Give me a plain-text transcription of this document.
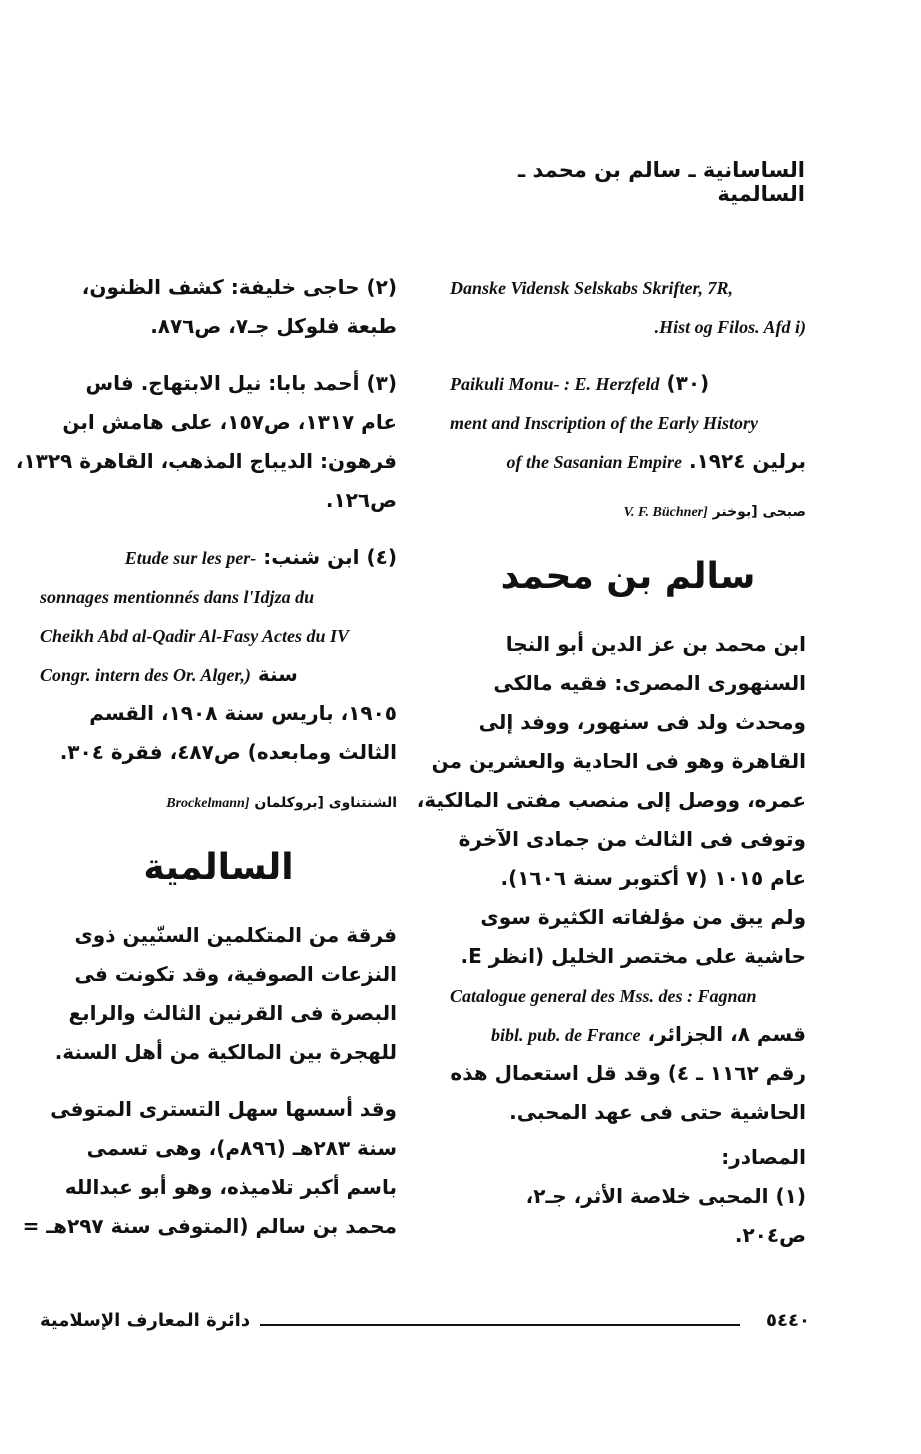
الساسانية ـ سالم بن محمد ـ السالمية
Danske Vidensk Selskabs Skrifter, 7R,
.Hist og Filos. Afd i)
Paikuli Monu- : E. Herzfeld (٣٠)
ment and Inscription of the Early History
of the Sasanian Empire برلين ١٩٢٤.
صبحى [بوخنر V. F. Büchner]
سالم بن محمد
ابن محمد بن عز الدين أبو النجا
السنهورى المصرى: فقيه مالكى
ومحدث ولد فى سنهور، ووفد إلى
القاهرة وهو فى الحادية والعشرين من
عمره، ووصل إلى منصب مفتى المالكية،
وتوفى فى الثالث من جمادى الآخرة
عام ١٠١٥ (٧ أكتوبر سنة ١٦٠٦).
ولم يبق من مؤلفاته الكثيرة سوى
حاشية على مختصر الخليل (انظر E.
Catalogue general des Mss. des : Fagnan
قسم ٨، الجزائر، bibl. pub. de France
رقم ١١٦٢ ـ ٤) وقد قل استعمال هذه
الحاشية حتى فى عهد المحبى.
المصادر:
(١) المحبى خلاصة الأثر، جـ٢،
ص٢٠٤.
(٢) حاجى خليفة: كشف الظنون،
طبعة فلوكل جـ٧، ص٨٧٦.
(٣) أحمد بابا: نيل الابتهاج. فاس
عام ١٣١٧، ص١٥٧، على هامش ابن
فرهون: الديباج المذهب، القاهرة ١٣٢٩،
ص١٢٦.
(٤) ابن شنب: Etude sur les per-
sonnages mentionnés dans l'Idjza du
Cheikh Abd al-Qadir Al-Fasy Actes du IV
Congr. intern des Or. Alger,) سنة
١٩٠٥، باريس سنة ١٩٠٨، القسم
الثالث ومابعده) ص٤٨٧، فقرة ٣٠٤.
الشنتناوى [بروكلمان Brockelmann]
السالمية
فرقة من المتكلمين السنّيين ذوى
النزعات الصوفية، وقد تكونت فى
البصرة فى القرنين الثالث والرابع
للهجرة بين المالكية من أهل السنة.
وقد أسسها سهل التسترى المتوفى
سنة ٢٨٣هـ (٨٩٦م)، وهى تسمى
باسم أكبر تلاميذه، وهو أبو عبدالله
محمد بن سالم (المتوفى سنة ٢٩٧هـ =
٥٤٤٠
دائرة المعارف الإسلامية
